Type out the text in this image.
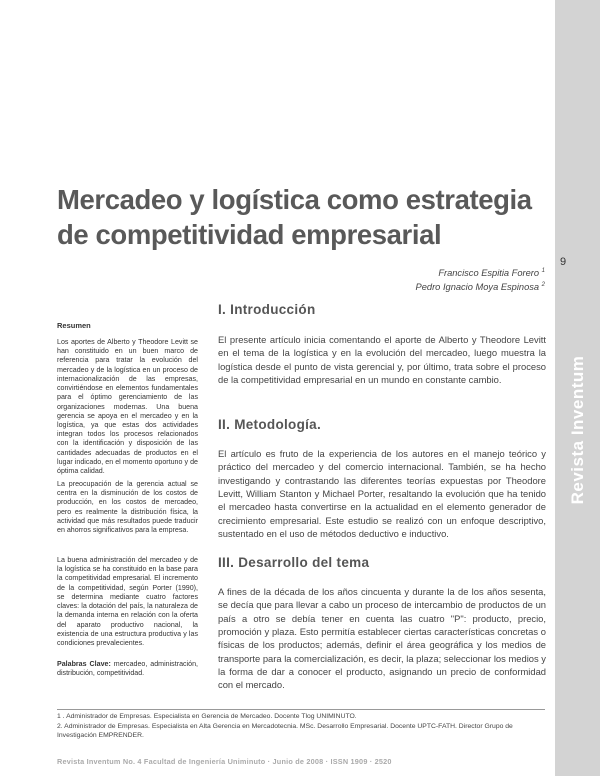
Revista Inventum
9
Mercadeo y logística como estrategia de competitividad empresarial
Francisco Espitia Forero $^1$
Pedro Ignacio Moya Espinosa $^2$
Resumen

Los aportes de Alberto y Theodore Levitt se han constituido en un buen marco de referencia para tratar la evolución del mercadeo y de la logística en un proceso de internacionalización de las empresas, convirtiéndose en elementos fundamentales para el óptimo gerenciamiento de las organizaciones modernas. Una buena gerencia se apoya en el mercadeo y en la logística, ya que estas dos actividades integran todos los procesos relacionados con la identificación y disposición de las cantidades adecuadas de productos en el lugar indicado, en el momento oportuno y de óptima calidad.

La preocupación de la gerencia actual se centra en la disminución de los costos de producción, en los costos de mercadeo, pero es realmente la distribución física, la actividad que más resultados puede traducir en ahorros significativos para la empresa.

La buena administración del mercadeo y de la logística se ha constituido en la base para la competitividad empresarial. El incremento de la competitividad, según Porter (1990), se determina mediante cuatro factores claves: la dotación del país, la naturaleza de la demanda interna en relación con la oferta del aparato productivo nacional, la existencia de una estructura productiva y las condiciones prevalecientes.

Palabras Clave: mercadeo, administración, distribución, competitividad.

I. Introducción

El presente artículo inicia comentando el aporte de Alberto y Theodore Levitt en el tema de la logística y en la evolución del mercadeo, luego muestra la logística desde el punto de vista gerencial y, por último, trata sobre el proceso de la competitividad empresarial en un mundo en constante cambio.

II. Metodología.

El artículo es fruto de la experiencia de los autores en el manejo teórico y práctico del mercadeo y del comercio internacional. También, se ha hecho investigando y contrastando las diferentes teorías expuestas por Theodore Levitt, William Stanton y Michael Porter, resaltando la evolución que ha tenido el mercadeo hasta convertirse en la actualidad en el elemento generador de crecimiento empresarial. Este estudio se realizó con un enfoque descriptivo, sustentado en el uso de métodos deductivo e inductivo.

III. Desarrollo del tema

A fines de la década de los años cincuenta y durante la de los años sesenta, se decía que para llevar a cabo un proceso de intercambio de productos de un país a otro se debía tener en cuenta las cuatro "P": producto, precio, promoción y plaza. Esto permitía establecer ciertas características concretas o físicas de los productos; además, definir el área geográfica y los medios de transporte para la comercialización, es decir, la plaza; seleccionar los medios y la forma de dar a conocer el producto, asignando un precio de conformidad con el mercado.

1 . Administrador de Empresas. Especialista en Gerencia de Mercadeo. Docente Tlog UNIMINUTO.

2. Administrador de Empresas. Especialista en Alta Gerencia en Mercadotecnia. MSc. Desarrollo Empresarial. Docente UPTC-FATH. Director Grupo de Investigación EMPRENDER.

Revista Inventum No. 4 Facultad de Ingeniería Uniminuto · Junio de 2008 · ISSN 1909 · 2520
